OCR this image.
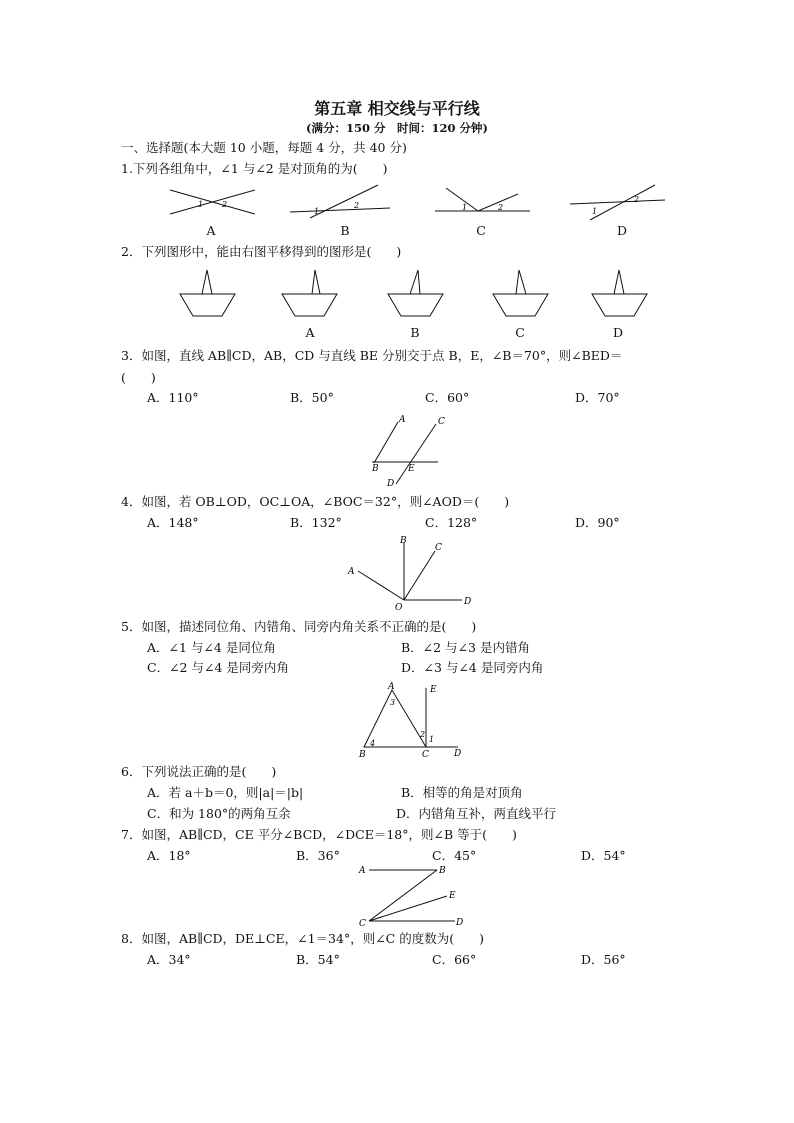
第五章 相交线与平行线
(满分：150 分　时间：120 分钟)
一、选择题(本大题 10 小题，每题 4 分，共 40 分)
1.下列各组角中，∠1 与∠2 是对顶角的为(　　)
1 2
1
2	1	2	1
2
A	B	C	D
2．下列图形中，能由右图平移得到的图形是(　　)
A	B	C	D
3．如图，直线 AB∥CD，AB，CD 与直线 BE 分别交于点 B，E，∠B＝70°，则∠BED＝
(　　)
A．110°	B．50°	C．60°	D．70°
A	C
B	E
D
4．如图，若 OB⊥OD，OC⊥OA，∠BOC＝32°，则∠AOD＝(　　)
A．148°	B．132°	C．128°	D．90°
B
C
A
O
D
5．如图，描述同位角、内错角、同旁内角关系不正确的是(　　)
A．∠1 与∠4 是同位角	B．∠2 与∠3 是内错角
C．∠2 与∠4 是同旁内角	D．∠3 与∠4 是同旁内角
A	E
B	C	D
3
2
1
4
6．下列说法正确的是(　　)
A．若 a＋b＝0，则|a|＝|b|	B．相等的角是对顶角
C．和为 180°的两角互余	D．内错角互补，两直线平行
7．如图，AB∥CD，CE 平分∠BCD，∠DCE＝18°，则∠B 等于(　　)
A．18°	B．36°	C．45°	D．54°
A	B
E
C	D
8．如图，AB∥CD，DE⊥CE，∠1＝34°，则∠C 的度数为(　　)
A．34°	B．54°	C．66°	D．56°
